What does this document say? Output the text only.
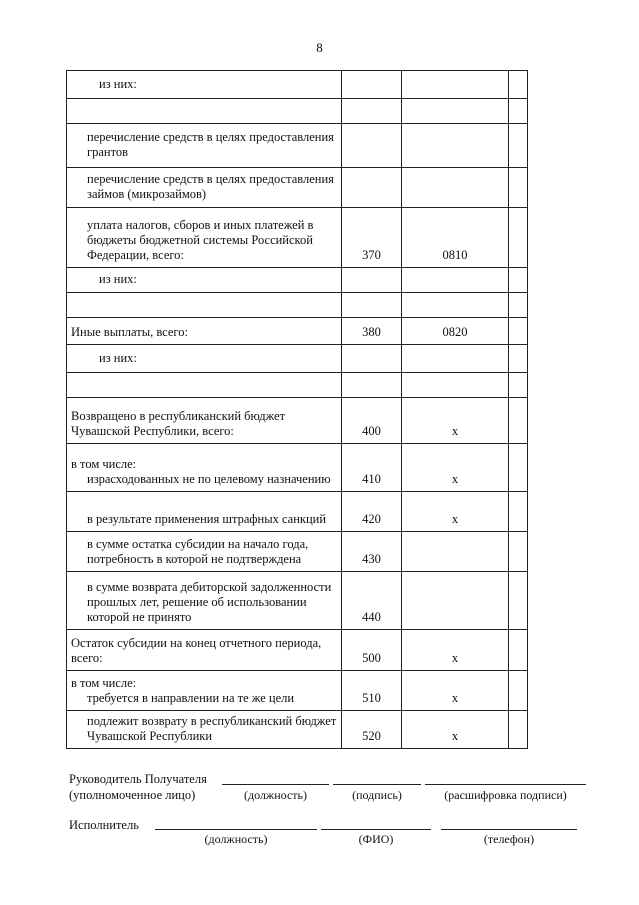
8
из них:			

перечисление средств в целях предоставления грантов			

перечисление средств в целях предоставления займов (микрозаймов)			

уплата налогов, сборов и иных платежей в бюджеты бюджетной системы Российской Федерации, всего:	370	0810	

из них:			

Иные выплаты, всего:	380	0820	

из них:			

Возвращено в республиканский бюджет Чувашской Республики, всего:	400	x	

в том числе:
израсходованных не по целевому назначению	410	x	

в результате применения штрафных санкций	420	x	

в сумме остатка субсидии на начало года, потребность в которой не подтверждена	430		

в сумме возврата дебиторской задолженности прошлых лет, решение об использовании которой не принято	440		

Остаток субсидии на конец отчетного периода, всего:	500	x	

в том числе:
требуется в направлении на те же цели	510	x	

подлежит возврату в республиканский бюджет Чувашской Республики	520	x	
Руководитель Получателя
(уполномоченное лицо)	(должность)	(подпись)	(расшифровка подписи)
Исполнитель
(должность)	(ФИО)	(телефон)
